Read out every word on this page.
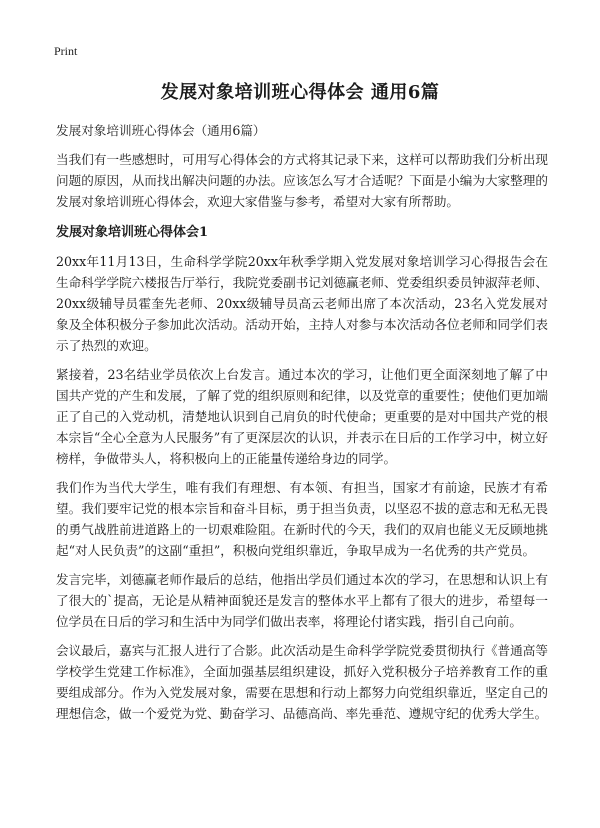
Print
发展对象培训班心得体会 通用6篇

发展对象培训班心得体会（通用6篇）

当我们有一些感想时，可用写心得体会的方式将其记录下来，这样可以帮助我们分析出现问题的原因，从而找出解决问题的办法。应该怎么写才合适呢？下面是小编为大家整理的发展对象培训班心得体会，欢迎大家借鉴与参考，希望对大家有所帮助。

发展对象培训班心得体会1

20xx年11月13日，生命科学学院20xx年秋季学期入党发展对象培训学习心得报告会在生命科学学院六楼报告厅举行，我院党委副书记刘德赢老师、党委组织委员钟淑萍老师、20xx级辅导员霍奎先老师、20xx级辅导员高云老师出席了本次活动，23名入党发展对象及全体积极分子参加此次活动。活动开始，主持人对参与本次活动各位老师和同学们表示了热烈的欢迎。

紧接着，23名结业学员依次上台发言。通过本次的学习，让他们更全面深刻地了解了中国共产党的产生和发展，了解了党的组织原则和纪律，以及党章的重要性；使他们更加端正了自己的入党动机，清楚地认识到自己肩负的时代使命；更重要的是对中国共产党的根本宗旨“全心全意为人民服务”有了更深层次的认识，并表示在日后的工作学习中，树立好榜样，争做带头人，将积极向上的正能量传递给身边的同学。

我们作为当代大学生，唯有我们有理想、有本领、有担当，国家才有前途，民族才有希望。我们要牢记党的根本宗旨和奋斗目标，勇于担当负责，以坚忍不拔的意志和无私无畏的勇气战胜前进道路上的一切艰难险阻。在新时代的今天，我们的双肩也能义无反顾地挑起“对人民负责”的这副“重担”，积极向党组织靠近，争取早成为一名优秀的共产党员。

发言完毕，刘德赢老师作最后的总结，他指出学员们通过本次的学习，在思想和认识上有了很大的`提高，无论是从精神面貌还是发言的整体水平上都有了很大的进步，希望每一位学员在日后的学习和生活中为同学们做出表率，将理论付诸实践，指引自己向前。

会议最后，嘉宾与汇报人进行了合影。此次活动是生命科学学院党委贯彻执行《普通高等学校学生党建工作标准》，全面加强基层组织建设，抓好入党积极分子培养教育工作的重要组成部分。作为入党发展对象，需要在思想和行动上都努力向党组织靠近，坚定自己的理想信念，做一个爱党为党、勤奋学习、品德高尚、率先垂范、遵规守纪的优秀大学生。
